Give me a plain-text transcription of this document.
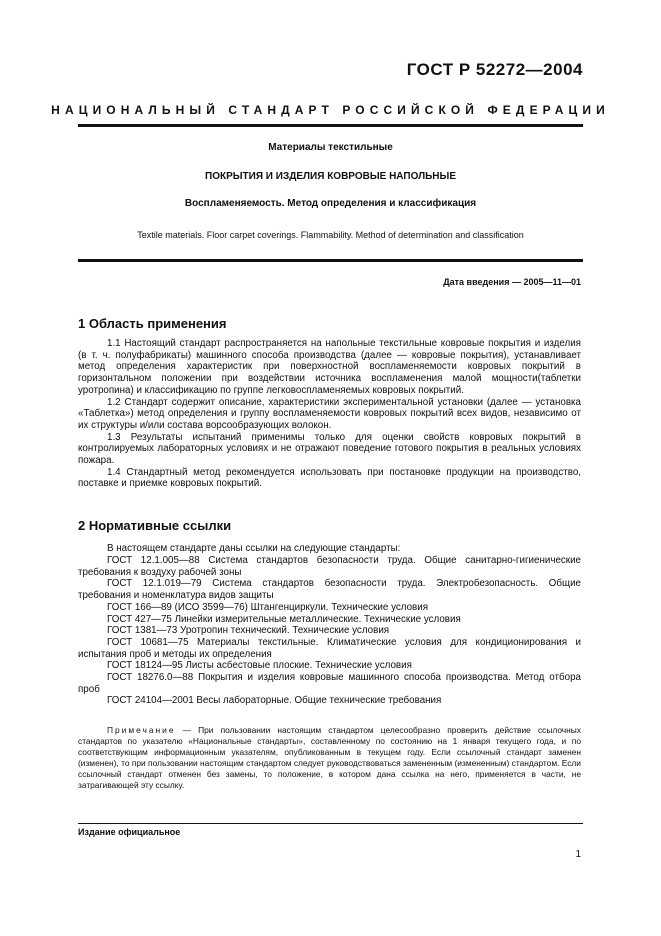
ГОСТ Р 52272—2004
НАЦИОНАЛЬНЫЙ СТАНДАРТ РОССИЙСКОЙ ФЕДЕРАЦИИ
Материалы текстильные
ПОКРЫТИЯ И ИЗДЕЛИЯ КОВРОВЫЕ НАПОЛЬНЫЕ
Воспламеняемость. Метод определения и классификация
Textile materials. Floor carpet coverings. Flammability. Method of determination and classification
Дата введения — 2005—11—01
1 Область применения

1.1 Настоящий стандарт распространяется на напольные текстильные ковровые покрытия и изделия (в т. ч. полуфабрикаты) машинного способа производства (далее — ковровые покрытия), устанавливает метод определения характеристик при поверхностной воспламеняемости ковровых покрытий в горизонтальном положении при воздействии источника воспламенения малой мощности(таблетки уротропина) и классификацию по группе легковоспламеняемых ковровых покрытий.

1.2 Стандарт содержит описание, характеристики экспериментальной установки (далее — установка «Таблетка») метод определения и группу воспламеняемости ковровых покрытий всех видов, независимо от их структуры и/или состава ворсообразующих волокон.

1.3 Результаты испытаний применимы только для оценки свойств ковровых покрытий в контролируемых лабораторных условиях и не отражают поведение готового покрытия в реальных условиях пожара.

1.4 Стандартный метод рекомендуется использовать при постановке продукции на производство, поставке и приемке ковровых покрытий.

2 Нормативные ссылки

В настоящем стандарте даны ссылки на следующие стандарты:

ГОСТ 12.1.005—88 Система стандартов безопасности труда. Общие санитарно-гигиенические требования к воздуху рабочей зоны

ГОСТ 12.1.019—79 Система стандартов безопасности труда. Электробезопасность. Общие требования и номенклатура видов защиты

ГОСТ 166—89 (ИСО 3599—76) Штангенциркули. Технические условия

ГОСТ 427—75 Линейки измерительные металлические. Технические условия

ГОСТ 1381—73 Уротропин технический. Технические условия

ГОСТ 10681—75 Материалы текстильные. Климатические условия для кондиционирования и испытания проб и методы их определения

ГОСТ 18124—95 Листы асбестовые плоские. Технические условия

ГОСТ 18276.0—88 Покрытия и изделия ковровые машинного способа производства. Метод отбора проб

ГОСТ 24104—2001 Весы лабораторные. Общие технические требования

Примечание — При пользовании настоящим стандартом целесообразно проверить действие ссылочных стандартов по указателю «Национальные стандарты», составленному по состоянию на 1 января текущего года, и по соответствующим информационным указателям, опубликованным в текущем году. Если ссылочный стандарт заменен (изменен), то при пользовании настоящим стандартом следует руководствоваться замененным (измененным) стандартом. Если ссылочный стандарт отменен без замены, то положение, в котором дана ссылка на него, применяется в части, не затрагивающей эту ссылку.

Издание официальное
1
